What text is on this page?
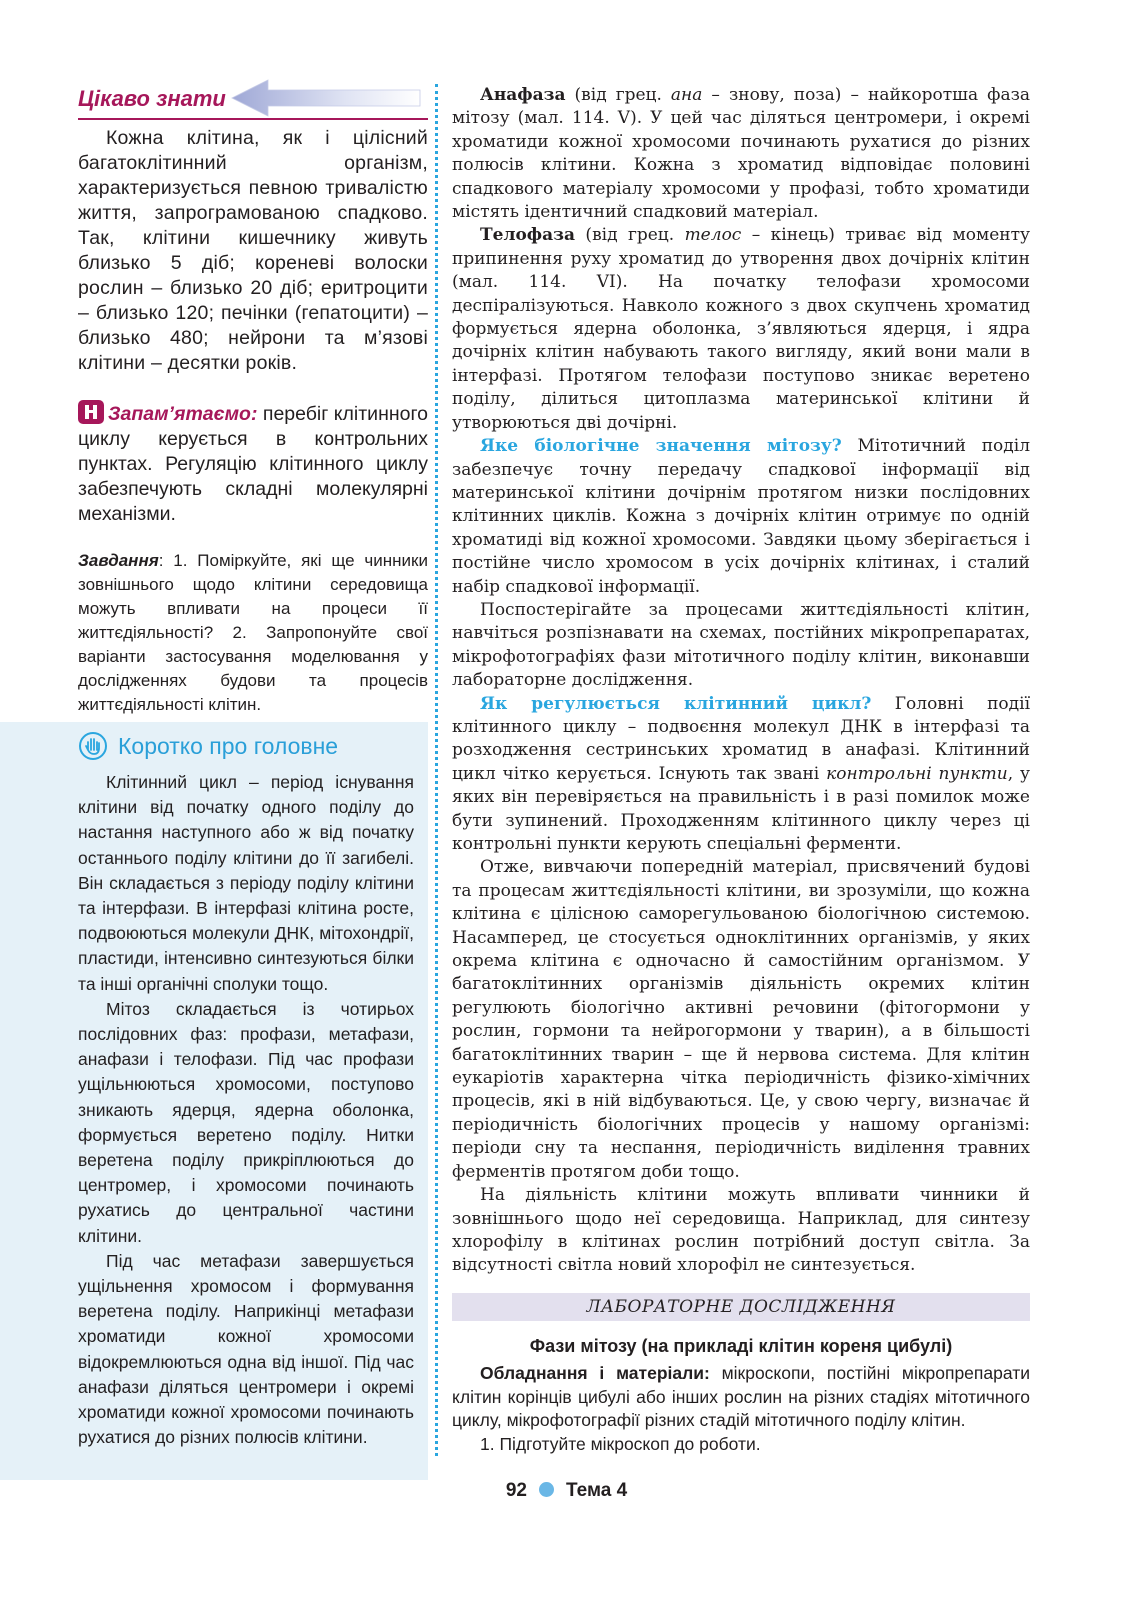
Цікаво знати

Кожна клітина, як і цілісний багатоклітинний організм, характеризується певною тривалістю життя, запрограмованою спадково. Так, клітини кишечнику живуть близько 5 діб; кореневі волоски рослин – близько 20 діб; еритроцити – близько 120; печінки (гепатоцити) – близько 480; нейрони та м’язові клітини – десятки років.

Запам’ятаємо: перебіг клітинного циклу керується в контрольних пунктах. Регуляцію клітинного циклу забезпечують складні молекулярні механізми.

Завдання: 1. Поміркуйте, які ще чинники зовнішнього щодо клітини середовища можуть впливати на процеси її життєдіяльності? 2. Запропонуйте свої варіанти застосування моделювання у дослідженнях будови та процесів життєдіяльності клітин.

Коротко про головне

Клітинний цикл – період існування клітини від початку одного поділу до настання наступного або ж від початку останнього поділу клітини до її загибелі. Він складається з періоду поділу клітини та інтерфази. В інтерфазі клітина росте, подвоюються молекули ДНК, мітохондрії, пластиди, інтенсивно синтезуються білки та інші органічні сполуки тощо.

Мітоз складається із чотирьох послідовних фаз: профази, метафази, анафази і телофази. Під час профази ущільнюються хромосоми, поступово зникають ядерця, ядерна оболонка, формується веретено поділу. Нитки веретена поділу прикріплюються до центромер, і хромосоми починають рухатись до центральної частини клітини.

Під час метафази завершується ущільнення хромосом і формування веретена поділу. Наприкінці метафази хроматиди кожної хромосоми відокремлюються одна від іншої. Під час анафази діляться центромери і окремі хроматиди кожної хромосоми починають рухатися до різних полюсів клітини.

Анафаза (від грец. ана – знову, поза) – найкоротша фаза мітозу (мал. 114. V). У цей час діляться центромери, і окремі хроматиди кожної хромосоми починають рухатися до різних полюсів клітини. Кожна з хроматид відповідає половині спадкового матеріалу хромосоми у профазі, тобто хроматиди містять ідентичний спадковий матеріал.

Телофаза (від грец. телос – кінець) триває від моменту припинення руху хроматид до утворення двох дочірніх клітин (мал. 114. VI). На початку телофази хромосоми деспіралізуються. Навколо кожного з двох скупчень хроматид формується ядерна оболонка, з’являються ядерця, і ядра дочірніх клітин набувають такого вигляду, який вони мали в інтерфазі. Протягом телофази поступово зникає веретено поділу, ділиться цитоплазма материнської клітини й утворюються дві дочірні.

Яке біологічне значення мітозу? Мітотичний поділ забезпечує точну передачу спадкової інформації від материнської клітини дочірнім протягом низки послідовних клітинних циклів. Кожна з дочірніх клітин отримує по одній хроматиді від кожної хромосоми. Завдяки цьому зберігається і постійне число хромосом в усіх дочірніх клітинах, і сталий набір спадкової інформації.

Поспостерігайте за процесами життєдіяльності клітин, навчіться розпізнавати на схемах, постійних мікропрепаратах, мікрофотографіях фази мітотичного поділу клітин, виконавши лабораторне дослідження.

Як регулюється клітинний цикл? Головні події клітинного циклу – подвоєння молекул ДНК в інтерфазі та розходження сестринських хроматид в анафазі. Клітинний цикл чітко керується. Існують так звані контрольні пункти, у яких він перевіряється на правильність і в разі помилок може бути зупинений. Проходженням клітинного циклу через ці контрольні пункти керують спеціальні ферменти.

Отже, вивчаючи попередній матеріал, присвячений будові та процесам життєдіяльності клітини, ви зрозуміли, що кожна клітина є цілісною саморегульованою біологічною системою. Насамперед, це стосується одноклітинних організмів, у яких окрема клітина є одночасно й самостійним організмом. У багатоклітинних організмів діяльність окремих клітин регулюють біологічно активні речовини (фітогормони у рослин, гормони та нейрогормони у тварин), а в більшості багатоклітинних тварин – ще й нервова система. Для клітин еукаріотів характерна чітка періодичність фізико-хімічних процесів, які в ній відбуваються. Це, у свою чергу, визначає й періодичність біологічних процесів у нашому організмі: періоди сну та неспання, періодичність виділення травних ферментів протягом доби тощо.

На діяльність клітини можуть впливати чинники й зовнішнього щодо неї середовища. Наприклад, для синтезу хлорофілу в клітинах рослин потрібний доступ світла. За відсутності світла новий хлорофіл не синтезується.

ЛАБОРАТОРНЕ ДОСЛІДЖЕННЯ
Фази мітозу (на прикладі клітин кореня цибулі)

Обладнання і матеріали: мікроскопи, постійні мікропрепарати клітин корінців цибулі або інших рослин на різних стадіях мітотичного циклу, мікрофотографії різних стадій мітотичного поділу клітин.

1. Підготуйте мікроскоп до роботи.

92 Тема 4
